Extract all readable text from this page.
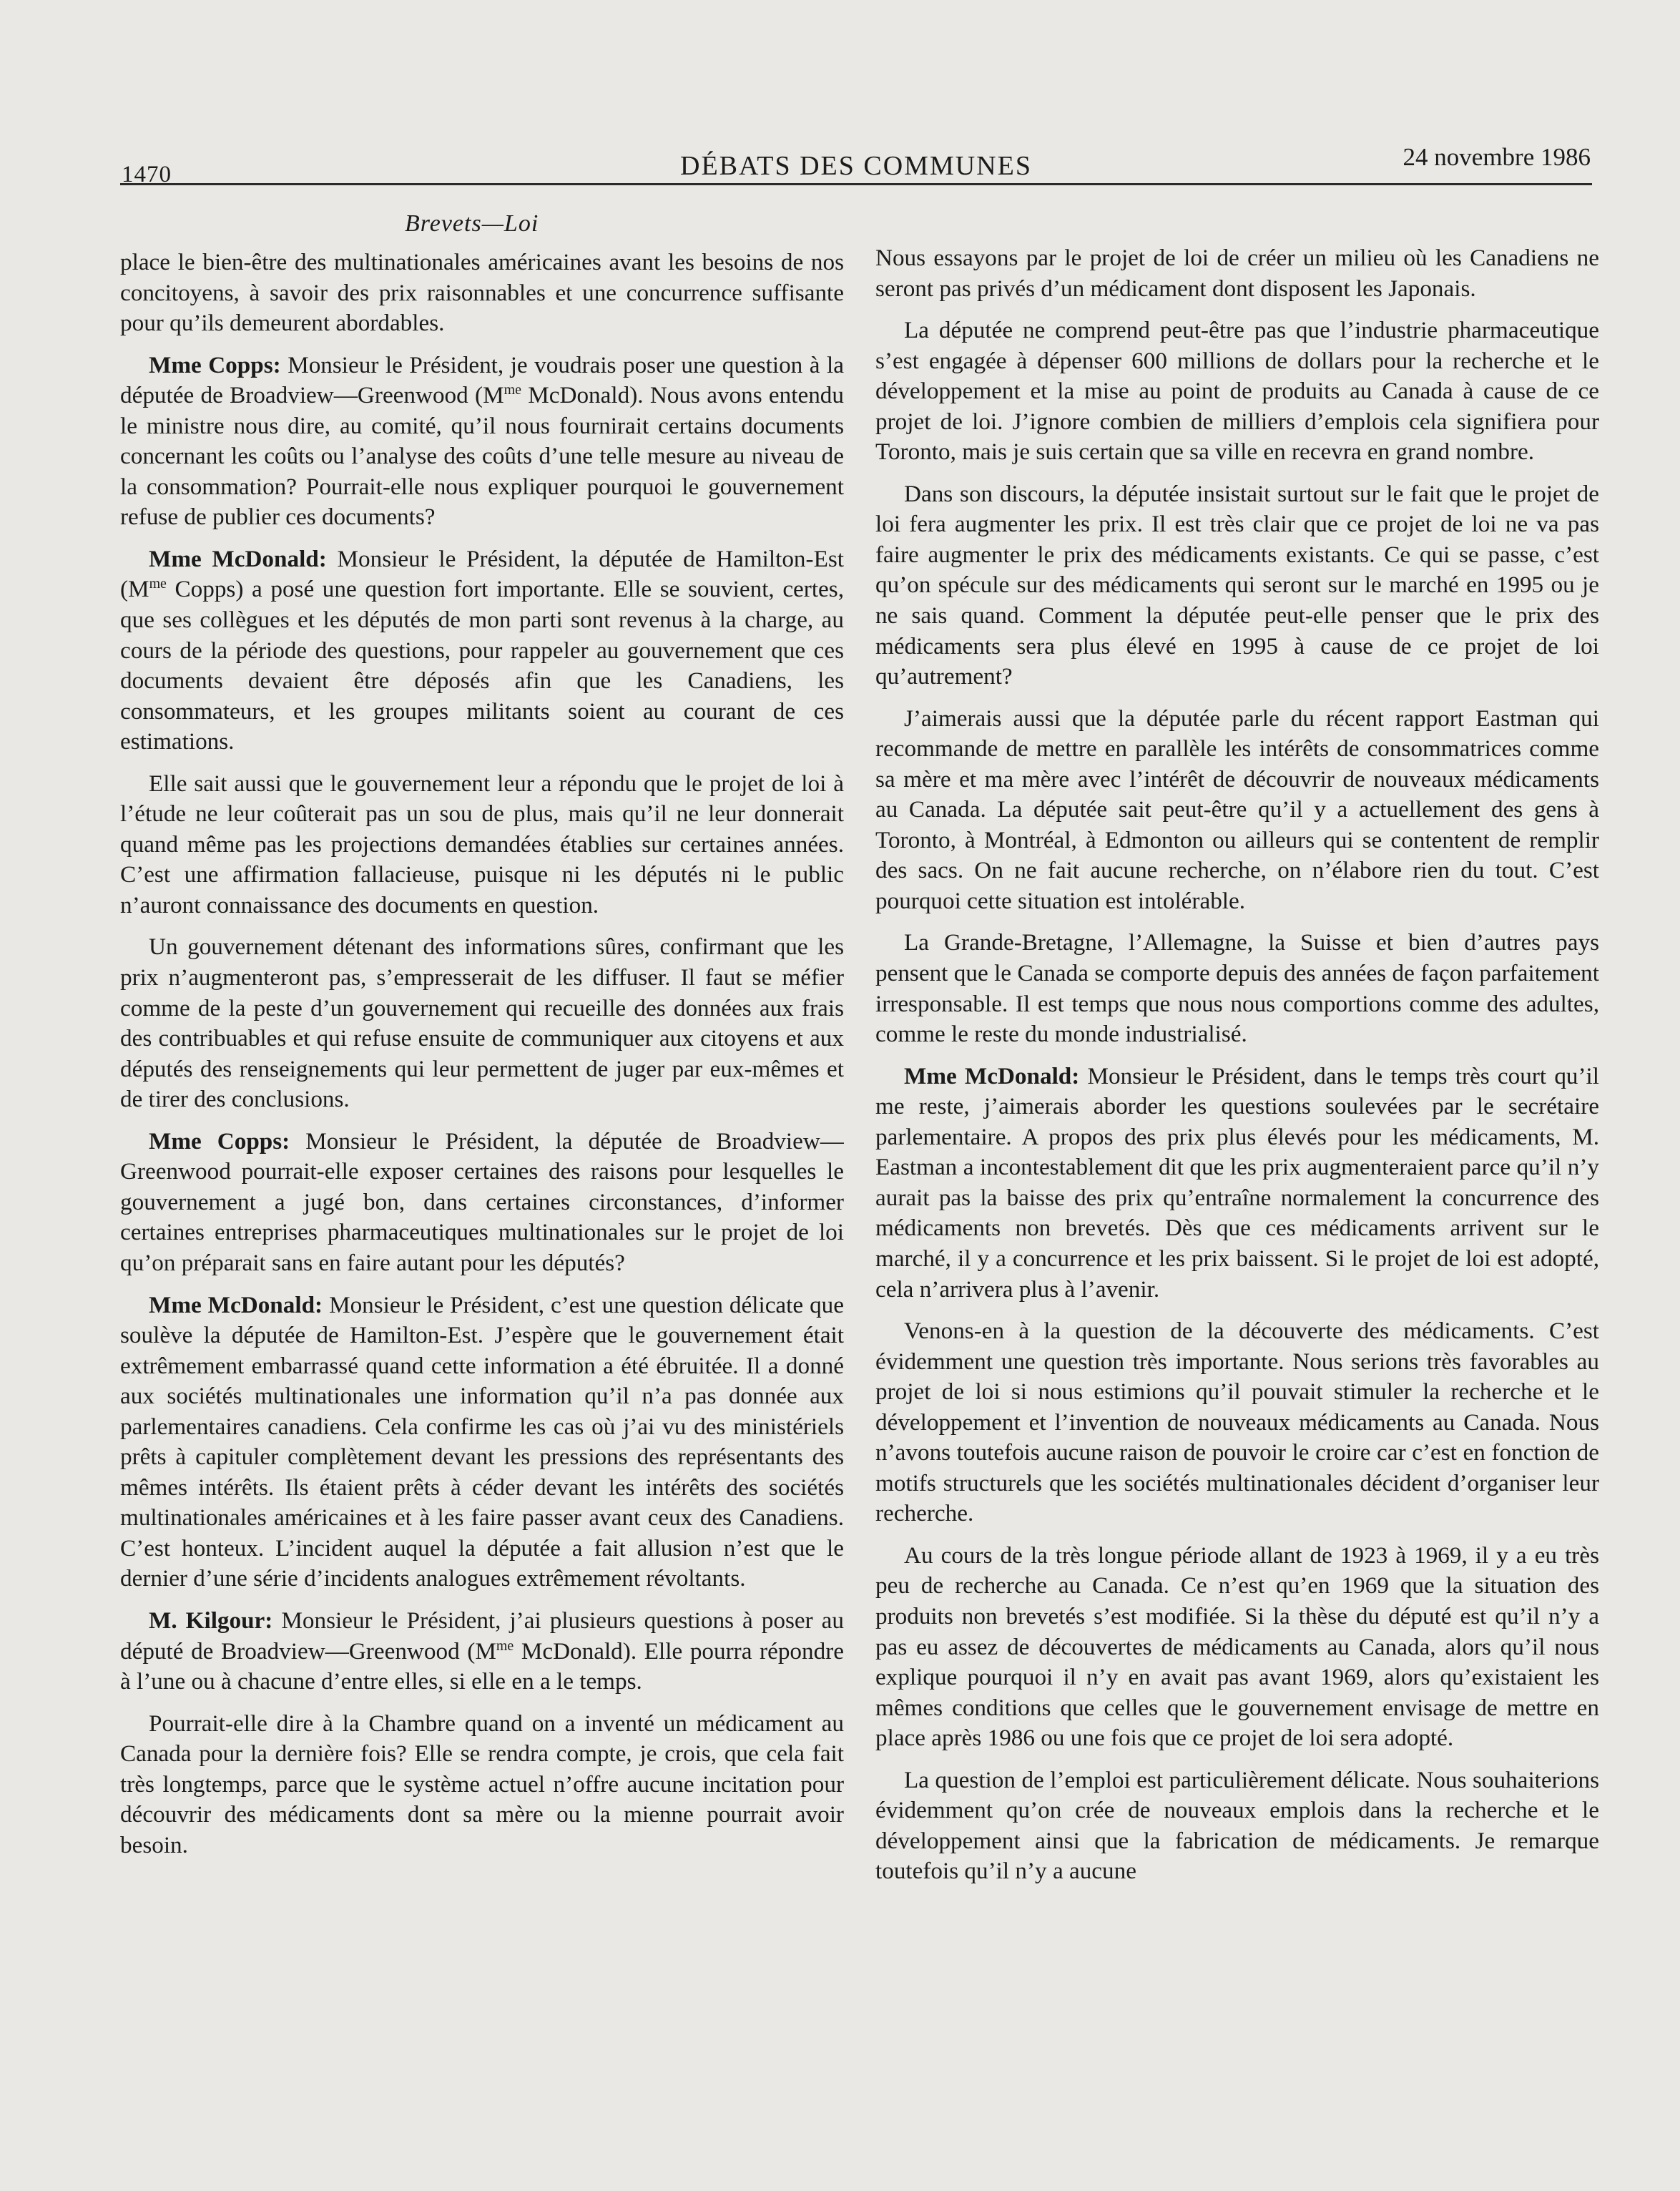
1470	DÉBATS DES COMMUNES	24 novembre 1986
Brevets—Loi

place le bien-être des multinationales américaines avant les besoins de nos concitoyens, à savoir des prix raisonnables et une concurrence suffisante pour qu’ils demeurent abordables.

Mme Copps: Monsieur le Président, je voudrais poser une question à la députée de Broadview—Greenwood ($M^{me}$ McDonald). Nous avons entendu le ministre nous dire, au comité, qu’il nous fournirait certains documents concernant les coûts ou l’analyse des coûts d’une telle mesure au niveau de la consommation? Pourrait-elle nous expliquer pourquoi le gouvernement refuse de publier ces documents?

Mme McDonald: Monsieur le Président, la députée de Hamilton-Est ($M^{me}$ Copps) a posé une question fort importante. Elle se souvient, certes, que ses collègues et les députés de mon parti sont revenus à la charge, au cours de la période des questions, pour rappeler au gouvernement que ces documents devaient être déposés afin que les Canadiens, les consommateurs, et les groupes militants soient au courant de ces estimations.

Elle sait aussi que le gouvernement leur a répondu que le projet de loi à l’étude ne leur coûterait pas un sou de plus, mais qu’il ne leur donnerait quand même pas les projections demandées établies sur certaines années. C’est une affirmation fallacieuse, puisque ni les députés ni le public n’auront connaissance des documents en question.

Un gouvernement détenant des informations sûres, confirmant que les prix n’augmenteront pas, s’empresserait de les diffuser. Il faut se méfier comme de la peste d’un gouvernement qui recueille des données aux frais des contribuables et qui refuse ensuite de communiquer aux citoyens et aux députés des renseignements qui leur permettent de juger par eux-mêmes et de tirer des conclusions.

Mme Copps: Monsieur le Président, la députée de Broadview—Greenwood pourrait-elle exposer certaines des raisons pour lesquelles le gouvernement a jugé bon, dans certaines circonstances, d’informer certaines entreprises pharmaceutiques multinationales sur le projet de loi qu’on préparait sans en faire autant pour les députés?

Mme McDonald: Monsieur le Président, c’est une question délicate que soulève la députée de Hamilton-Est. J’espère que le gouvernement était extrêmement embarrassé quand cette information a été ébruitée. Il a donné aux sociétés multinationales une information qu’il n’a pas donnée aux parlementaires canadiens. Cela confirme les cas où j’ai vu des ministériels prêts à capituler complètement devant les pressions des représentants des mêmes intérêts. Ils étaient prêts à céder devant les intérêts des sociétés multinationales américaines et à les faire passer avant ceux des Canadiens. C’est honteux. L’incident auquel la députée a fait allusion n’est que le dernier d’une série d’incidents analogues extrêmement révoltants.

M. Kilgour: Monsieur le Président, j’ai plusieurs questions à poser au député de Broadview—Greenwood ($M^{me}$ McDonald). Elle pourra répondre à l’une ou à chacune d’entre elles, si elle en a le temps.

Pourrait-elle dire à la Chambre quand on a inventé un médicament au Canada pour la dernière fois? Elle se rendra compte, je crois, que cela fait très longtemps, parce que le système actuel n’offre aucune incitation pour découvrir des médicaments dont sa mère ou la mienne pourrait avoir besoin.

Nous essayons par le projet de loi de créer un milieu où les Canadiens ne seront pas privés d’un médicament dont disposent les Japonais.

La députée ne comprend peut-être pas que l’industrie pharmaceutique s’est engagée à dépenser 600 millions de dollars pour la recherche et le développement et la mise au point de produits au Canada à cause de ce projet de loi. J’ignore combien de milliers d’emplois cela signifiera pour Toronto, mais je suis certain que sa ville en recevra en grand nombre.

Dans son discours, la députée insistait surtout sur le fait que le projet de loi fera augmenter les prix. Il est très clair que ce projet de loi ne va pas faire augmenter le prix des médicaments existants. Ce qui se passe, c’est qu’on spécule sur des médicaments qui seront sur le marché en 1995 ou je ne sais quand. Comment la députée peut-elle penser que le prix des médicaments sera plus élevé en 1995 à cause de ce projet de loi qu’autrement?

J’aimerais aussi que la députée parle du récent rapport Eastman qui recommande de mettre en parallèle les intérêts de consommatrices comme sa mère et ma mère avec l’intérêt de découvrir de nouveaux médicaments au Canada. La députée sait peut-être qu’il y a actuellement des gens à Toronto, à Montréal, à Edmonton ou ailleurs qui se contentent de remplir des sacs. On ne fait aucune recherche, on n’élabore rien du tout. C’est pourquoi cette situation est intolérable.

La Grande-Bretagne, l’Allemagne, la Suisse et bien d’autres pays pensent que le Canada se comporte depuis des années de façon parfaitement irresponsable. Il est temps que nous nous comportions comme des adultes, comme le reste du monde industrialisé.

Mme McDonald: Monsieur le Président, dans le temps très court qu’il me reste, j’aimerais aborder les questions soulevées par le secrétaire parlementaire. A propos des prix plus élevés pour les médicaments, M. Eastman a incontestablement dit que les prix augmenteraient parce qu’il n’y aurait pas la baisse des prix qu’entraîne normalement la concurrence des médicaments non brevetés. Dès que ces médicaments arrivent sur le marché, il y a concurrence et les prix baissent. Si le projet de loi est adopté, cela n’arrivera plus à l’avenir.

Venons-en à la question de la découverte des médicaments. C’est évidemment une question très importante. Nous serions très favorables au projet de loi si nous estimions qu’il pouvait stimuler la recherche et le développement et l’invention de nouveaux médicaments au Canada. Nous n’avons toutefois aucune raison de pouvoir le croire car c’est en fonction de motifs structurels que les sociétés multinationales décident d’organiser leur recherche.

Au cours de la très longue période allant de 1923 à 1969, il y a eu très peu de recherche au Canada. Ce n’est qu’en 1969 que la situation des produits non brevetés s’est modifiée. Si la thèse du député est qu’il n’y a pas eu assez de découvertes de médicaments au Canada, alors qu’il nous explique pourquoi il n’y en avait pas avant 1969, alors qu’existaient les mêmes conditions que celles que le gouvernement envisage de mettre en place après 1986 ou une fois que ce projet de loi sera adopté.

La question de l’emploi est particulièrement délicate. Nous souhaiterions évidemment qu’on crée de nouveaux emplois dans la recherche et le développement ainsi que la fabrication de médicaments. Je remarque toutefois qu’il n’y a aucune
